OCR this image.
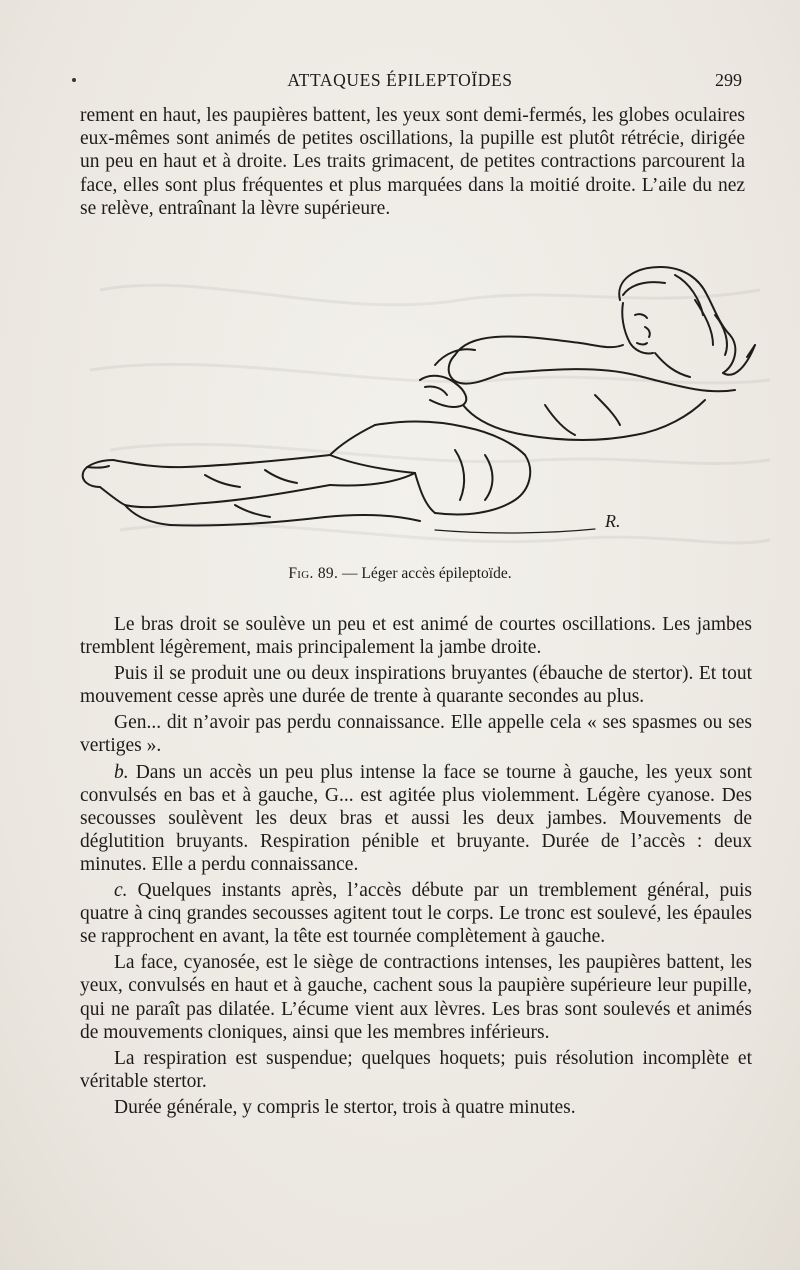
ATTAQUES ÉPILEPTOÏDES	299

rement en haut, les paupières battent, les yeux sont demi-fermés, les globes oculaires eux-mêmes sont animés de petites oscillations, la pupille est plutôt rétrécie, dirigée un peu en haut et à droite. Les traits grimacent, de petites contractions parcourent la face, elles sont plus fréquentes et plus marquées dans la moitié droite. L’aile du nez se relève, entraînant la lèvre supérieure.

R.
Fig. 89. — Léger accès épileptoïde.

Le bras droit se soulève un peu et est animé de courtes oscillations. Les jambes tremblent légèrement, mais principalement la jambe droite.

Puis il se produit une ou deux inspirations bruyantes (ébauche de stertor). Et tout mouvement cesse après une durée de trente à quarante secondes au plus.

Gen... dit n’avoir pas perdu connaissance. Elle appelle cela « ses spasmes ou ses vertiges ».

b. Dans un accès un peu plus intense la face se tourne à gauche, les yeux sont convulsés en bas et à gauche, G... est agitée plus violemment. Légère cyanose. Des secousses soulèvent les deux bras et aussi les deux jambes. Mouvements de déglutition bruyants. Respiration pénible et bruyante. Durée de l’accès : deux minutes. Elle a perdu connaissance.

c. Quelques instants après, l’accès débute par un tremblement général, puis quatre à cinq grandes secousses agitent tout le corps. Le tronc est soulevé, les épaules se rapprochent en avant, la tête est tournée complètement à gauche.

La face, cyanosée, est le siège de contractions intenses, les paupières battent, les yeux, convulsés en haut et à gauche, cachent sous la paupière supérieure leur pupille, qui ne paraît pas dilatée. L’écume vient aux lèvres. Les bras sont soulevés et animés de mouvements cloniques, ainsi que les membres inférieurs.

La respiration est suspendue; quelques hoquets; puis résolution incomplète et véritable stertor.

Durée générale, y compris le stertor, trois à quatre minutes.
